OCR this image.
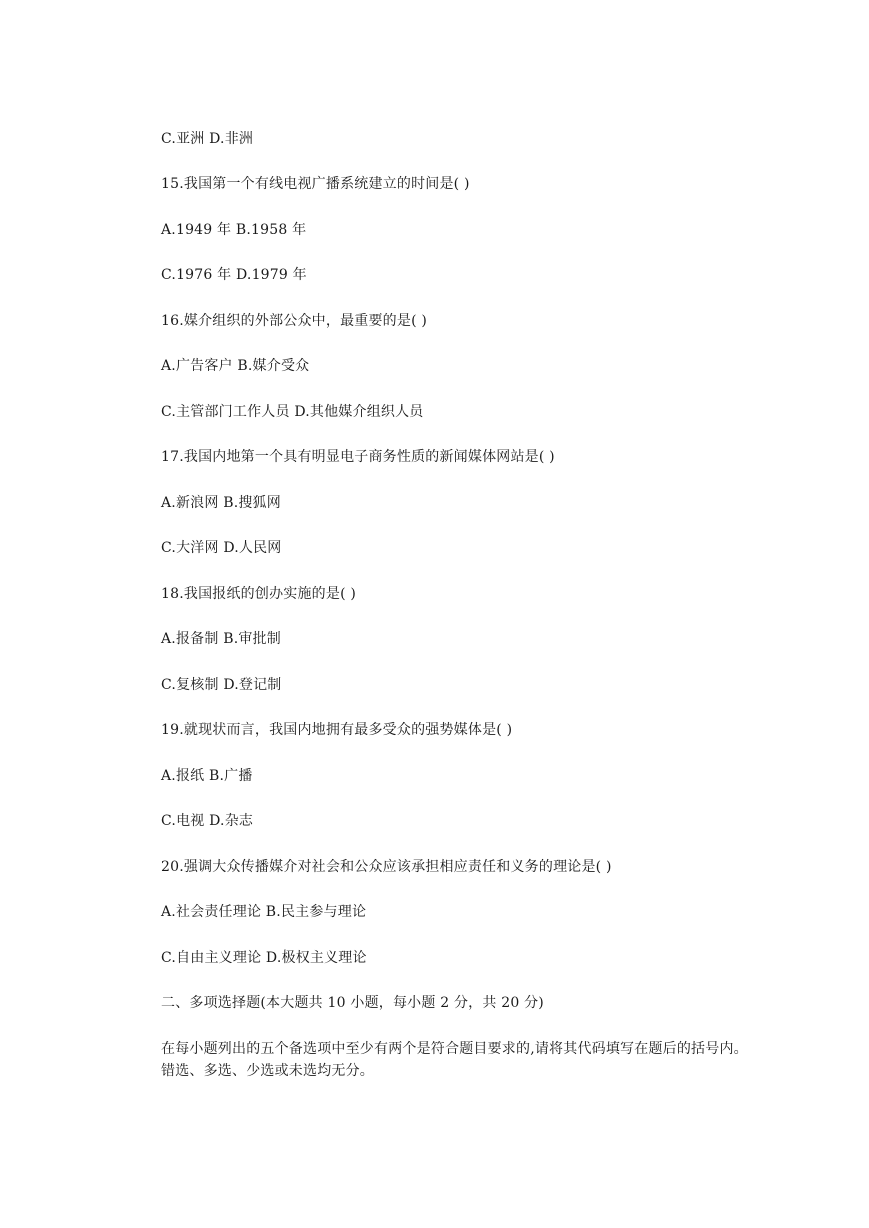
C.亚洲 D.非洲
15.我国第一个有线电视广播系统建立的时间是( )
A.1949 年 B.1958 年
C.1976 年 D.1979 年
16.媒介组织的外部公众中，最重要的是( )
A.广告客户 B.媒介受众
C.主管部门工作人员 D.其他媒介组织人员
17.我国内地第一个具有明显电子商务性质的新闻媒体网站是( )
A.新浪网 B.搜狐网
C.大洋网 D.人民网
18.我国报纸的创办实施的是( )
A.报备制 B.审批制
C.复核制 D.登记制
19.就现状而言，我国内地拥有最多受众的强势媒体是( )
A.报纸 B.广播
C.电视 D.杂志
20.强调大众传播媒介对社会和公众应该承担相应责任和义务的理论是( )
A.社会责任理论 B.民主参与理论
C.自由主义理论 D.极权主义理论
二、多项选择题(本大题共 10 小题，每小题 2 分，共 20 分)
在每小题列出的五个备选项中至少有两个是符合题目要求的,请将其代码填写在题后的括号内。错选、多选、少选或未选均无分。
